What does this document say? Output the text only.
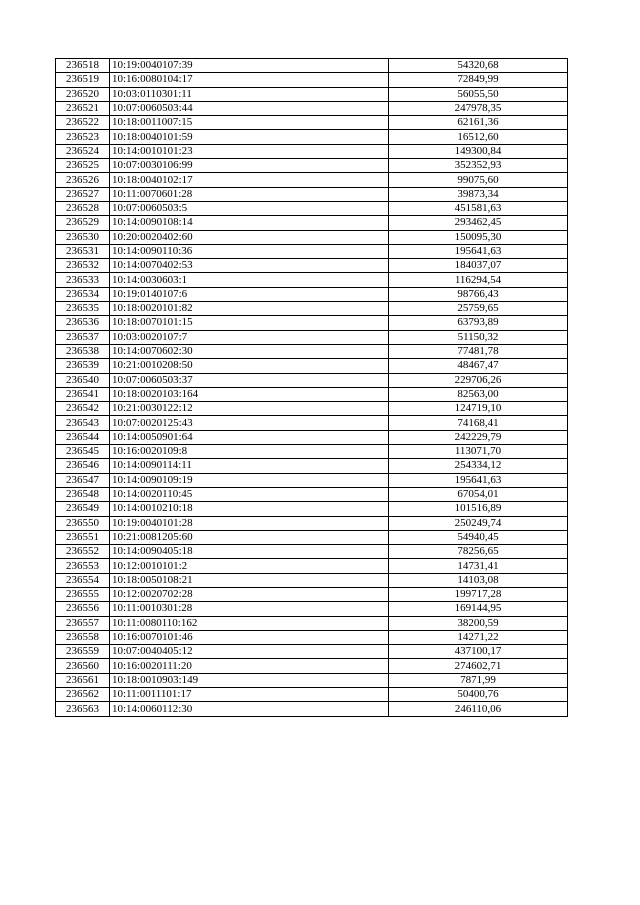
236518	10:19:0040107:39	54320,68
236519	10:16:0080104:17	72849,99
236520	10:03:0110301:11	56055,50
236521	10:07:0060503:44	247978,35
236522	10:18:0011007:15	62161,36
236523	10:18:0040101:59	16512,60
236524	10:14:0010101:23	149300,84
236525	10:07:0030106:99	352352,93
236526	10:18:0040102:17	99075,60
236527	10:11:0070601:28	39873,34
236528	10:07:0060503:5	451581,63
236529	10:14:0090108:14	293462,45
236530	10:20:0020402:60	150095,30
236531	10:14:0090110:36	195641,63
236532	10:14:0070402:53	184037,07
236533	10:14:0030603:1	116294,54
236534	10:19:0140107:6	98766,43
236535	10:18:0020101:82	25759,65
236536	10:18:0070101:15	63793,89
236537	10:03:0020107:7	51150,32
236538	10:14:0070602:30	77481,78
236539	10:21:0010208:50	48467,47
236540	10:07:0060503:37	229706,26
236541	10:18:0020103:164	82563,00
236542	10:21:0030122:12	124719,10
236543	10:07:0020125:43	74168,41
236544	10:14:0050901:64	242229,79
236545	10:16:0020109:8	113071,70
236546	10:14:0090114:11	254334,12
236547	10:14:0090109:19	195641,63
236548	10:14:0020110:45	67054,01
236549	10:14:0010210:18	101516,89
236550	10:19:0040101:28	250249,74
236551	10:21:0081205:60	54940,45
236552	10:14:0090405:18	78256,65
236553	10:12:0010101:2	14731,41
236554	10:18:0050108:21	14103,08
236555	10:12:0020702:28	199717,28
236556	10:11:0010301:28	169144,95
236557	10:11:0080110:162	38200,59
236558	10:16:0070101:46	14271,22
236559	10:07:0040405:12	437100,17
236560	10:16:0020111:20	274602,71
236561	10:18:0010903:149	7871,99
236562	10:11:0011101:17	50400,76
236563	10:14:0060112:30	246110,06
